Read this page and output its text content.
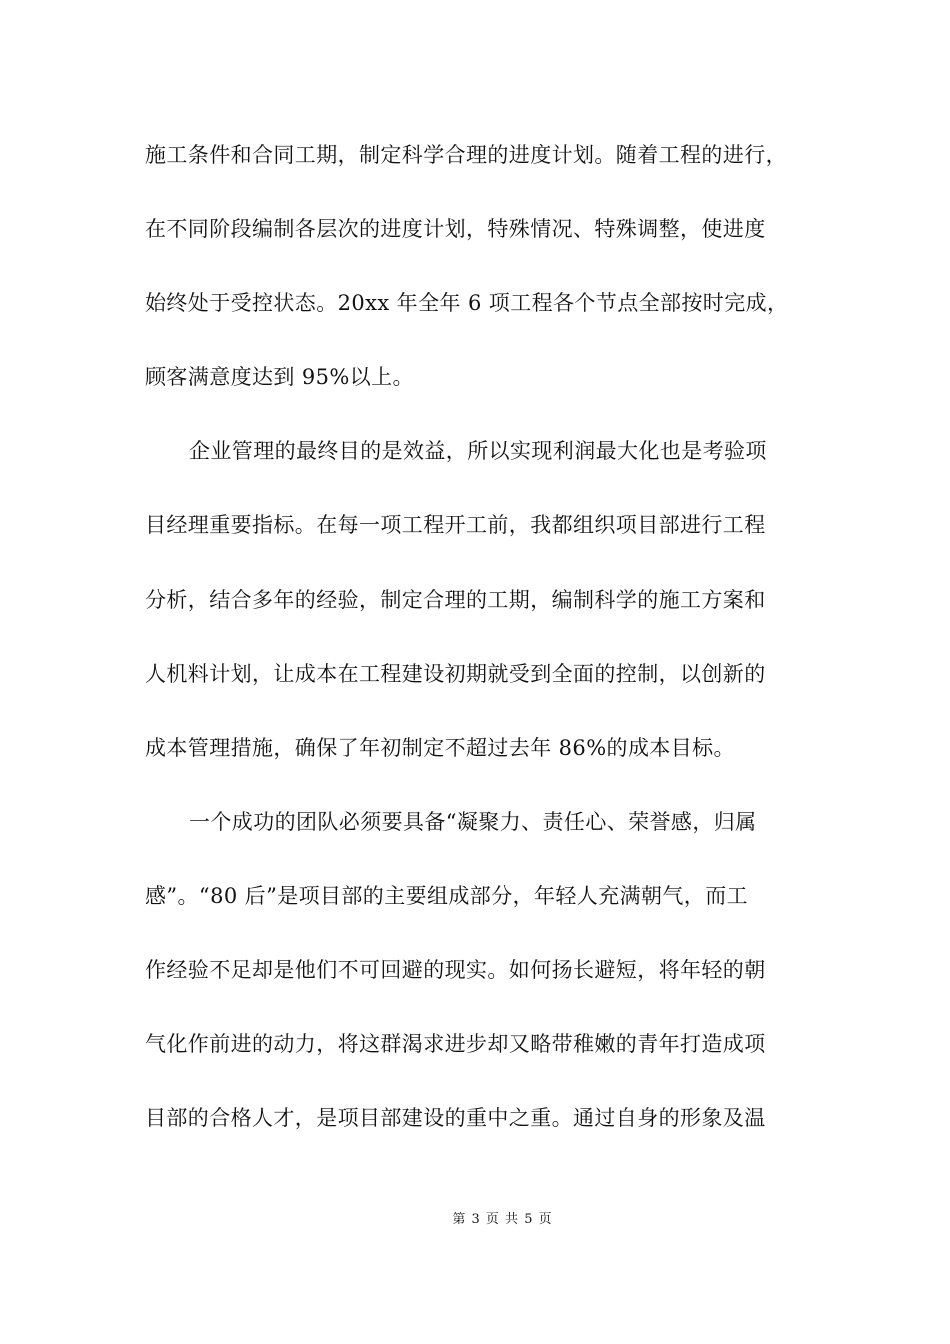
施工条件和合同工期，制定科学合理的进度计划。随着工程的进行，
在不同阶段编制各层次的进度计划，特殊情况、特殊调整，使进度
始终处于受控状态。20xx 年全年 6 项工程各个节点全部按时完成，
顾客满意度达到 95%以上。
企业管理的最终目的是效益，所以实现利润最大化也是考验项
目经理重要指标。在每一项工程开工前，我都组织项目部进行工程
分析，结合多年的经验，制定合理的工期，编制科学的施工方案和
人机料计划，让成本在工程建设初期就受到全面的控制，以创新的
成本管理措施，确保了年初制定不超过去年 86%的成本目标。
一个成功的团队必须要具备“凝聚力、责任心、荣誉感，归属
感”。“80 后”是项目部的主要组成部分，年轻人充满朝气，而工
作经验不足却是他们不可回避的现实。如何扬长避短，将年轻的朝
气化作前进的动力，将这群渴求进步却又略带稚嫩的青年打造成项
目部的合格人才，是项目部建设的重中之重。通过自身的形象及温
第 3 页 共 5 页
